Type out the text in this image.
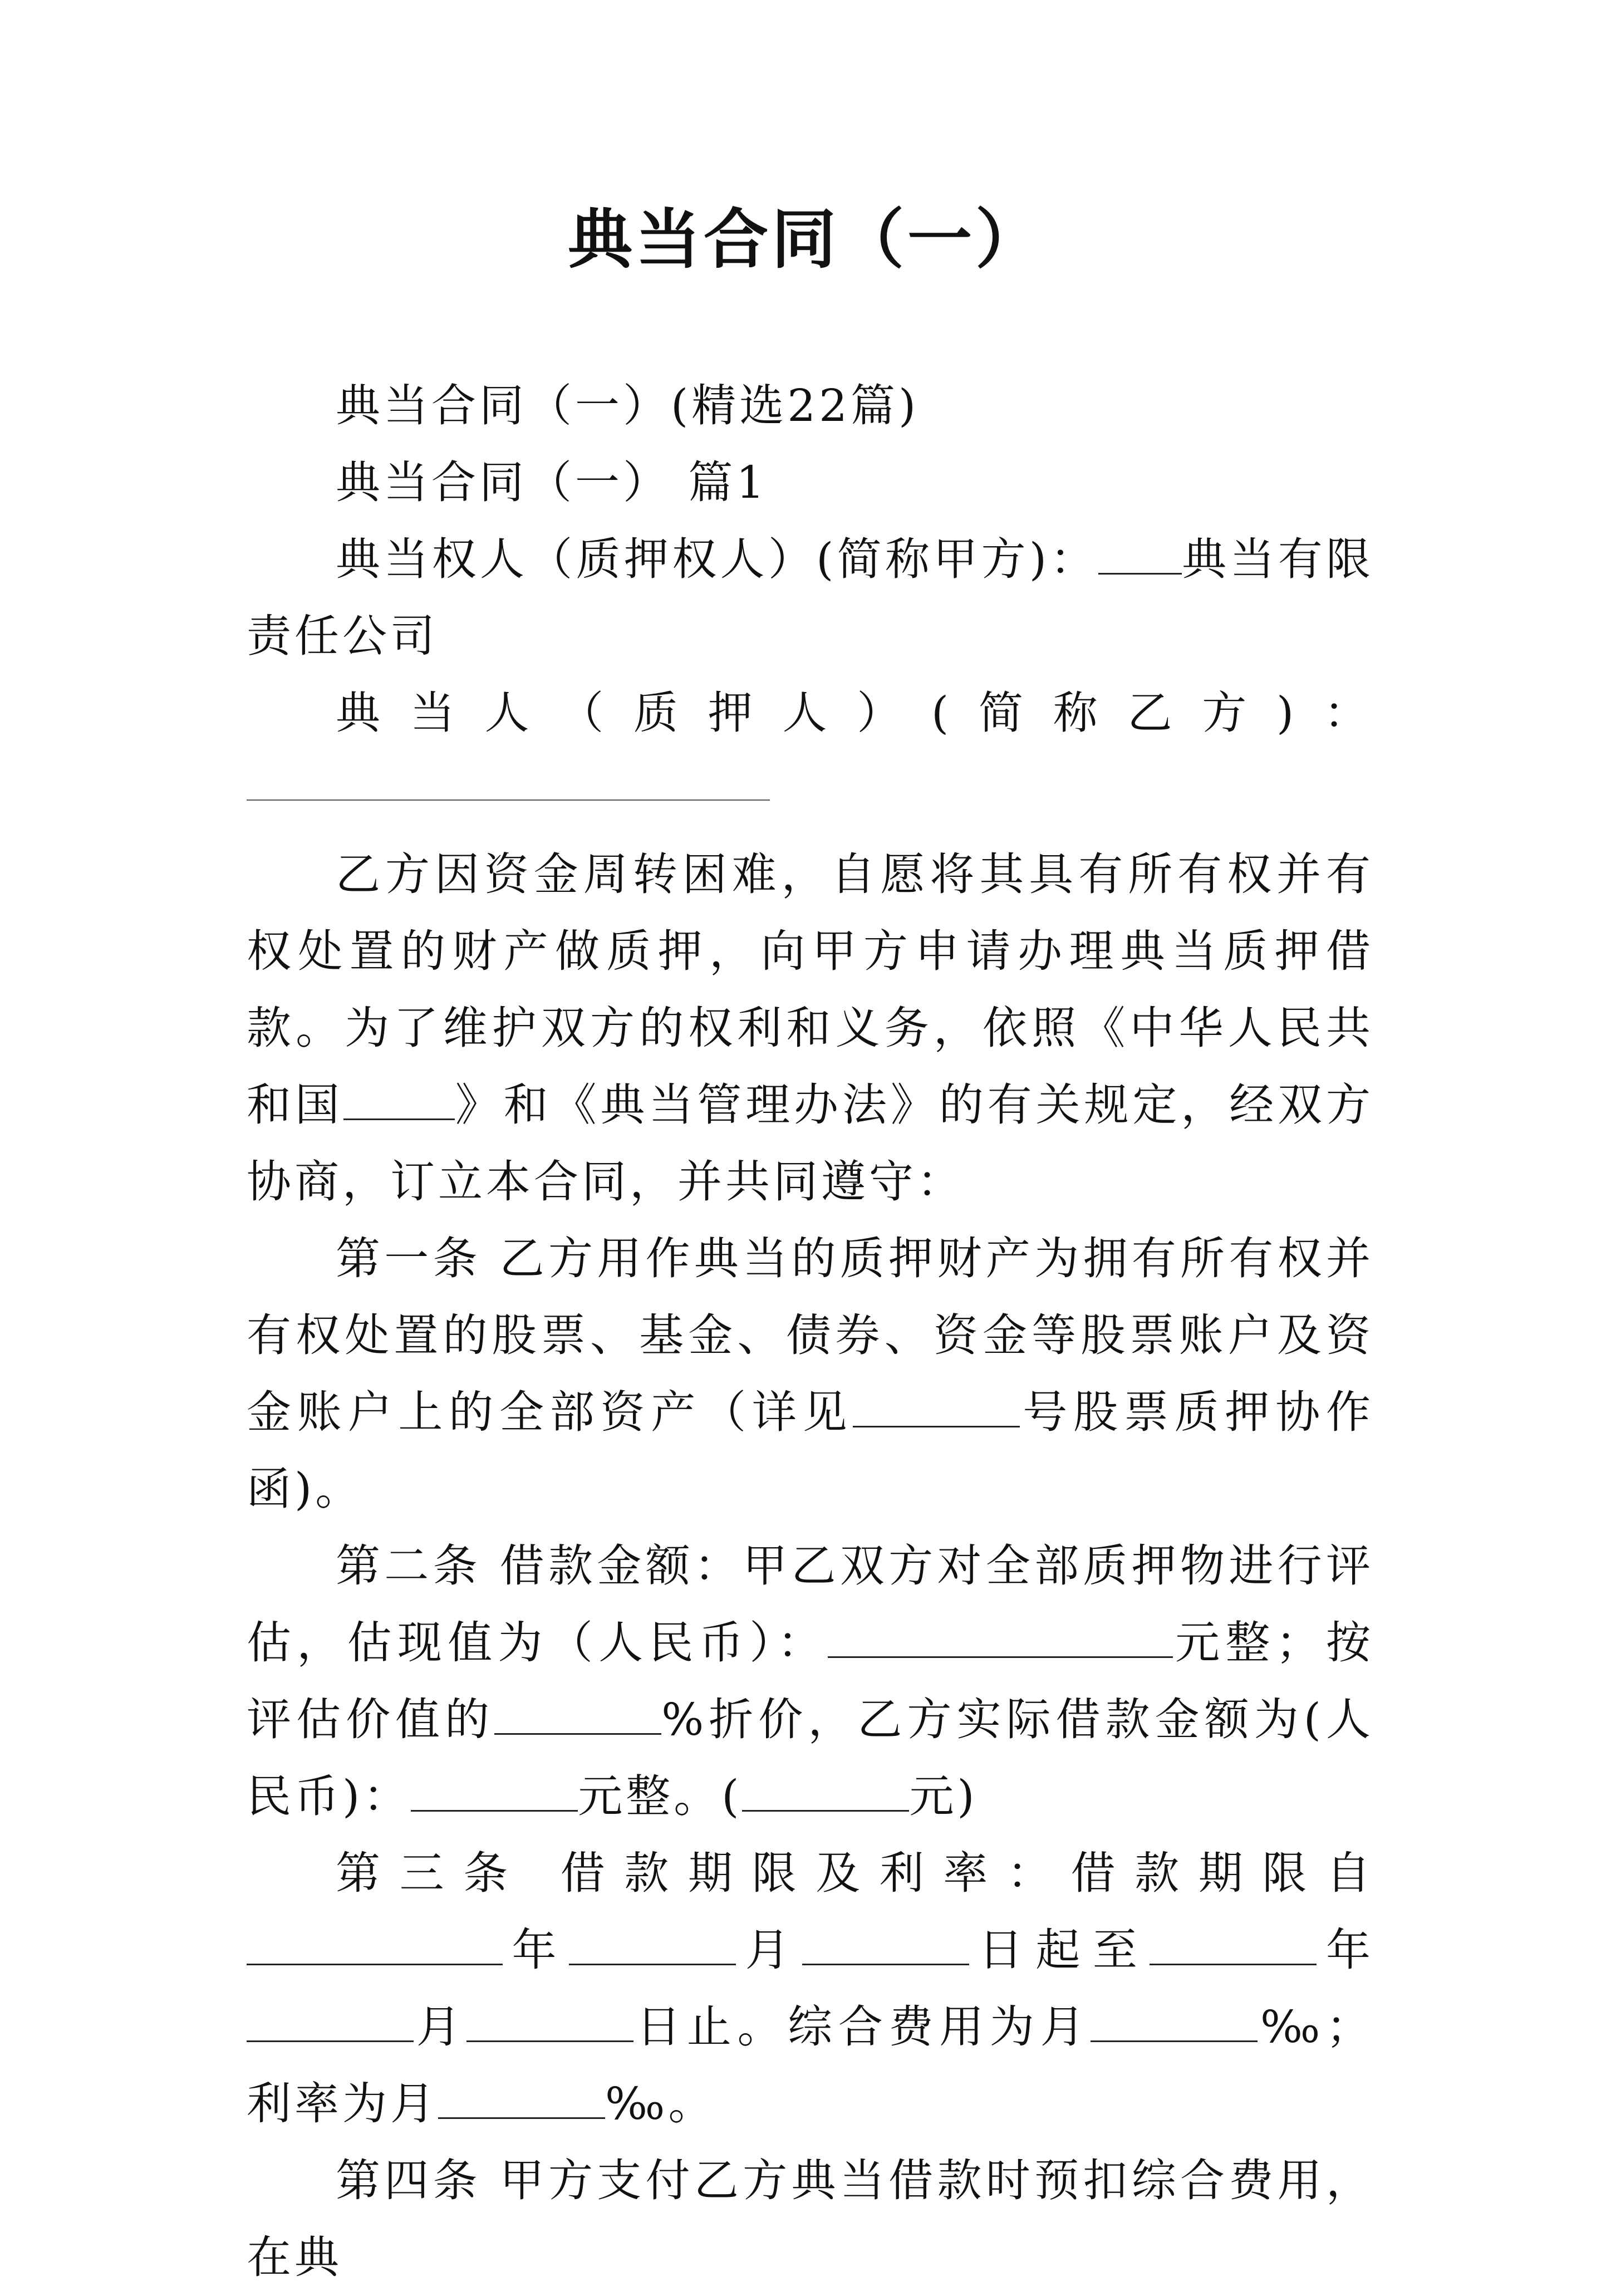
典当合同（一）

典当合同（一）(精选22篇)

典当合同（一） 篇1

典当权人（质押权人）(简称甲方)： 典当有限责任公司

典当人（质押人）(简称乙方)：

乙方因资金周转困难，自愿将其具有所有权并有权处置的财产做质押，向甲方申请办理典当质押借款。为了维护双方的权利和义务，依照《中华人民共和国	》和《典当管理办法》的有关规定，经双方协商，订立本合同，并共同遵守：

第一条 乙方用作典当的质押财产为拥有所有权并有权处置的股票、基金、债券、资金等股票账户及资金账户上的全部资产（详见	号股票质押协作函)。

第二条 借款金额：甲乙双方对全部质押物进行评估，估现值为（人民币）：	元整；按评估价值的	%折价，乙方实际借款金额为(人民币)：	元整。(	元)

第三条 借款期限及利率：借款期限自年	月	日起至	年月	日止。综合费用为月	‰；利率为月	‰。

第四条 甲方支付乙方典当借款时预扣综合费用，在典
